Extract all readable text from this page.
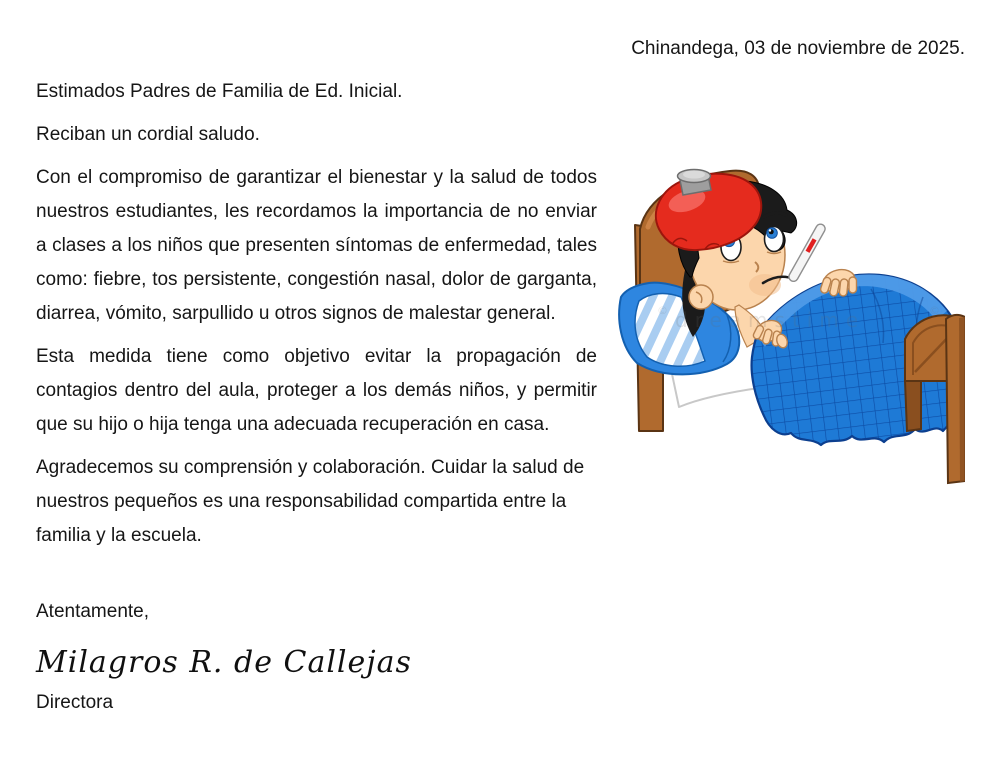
Chinandega, 03 de noviembre de 2025.

Estimados Padres de Familia de Ed. Inicial.

Reciban un cordial saludo.

dreamstime
©	©

Con el compromiso de garantizar el bienestar y la salud de todos nuestros estudiantes, les recordamos la importancia de no enviar a clases a los niños que presenten síntomas de enfermedad, tales como: fiebre, tos persistente, congestión nasal, dolor de garganta, diarrea, vómito, sarpullido u otros signos de malestar general.

Esta medida tiene como objetivo evitar la propagación de contagios dentro del aula, proteger a los demás niños, y permitir que su hijo o hija tenga una adecuada recuperación en casa.

Agradecemos su comprensión y colaboración. Cuidar la salud de nuestros pequeños es una responsabilidad compartida entre la familia y la escuela.

Atentamente,

Milagros R. de Callejas

Directora
